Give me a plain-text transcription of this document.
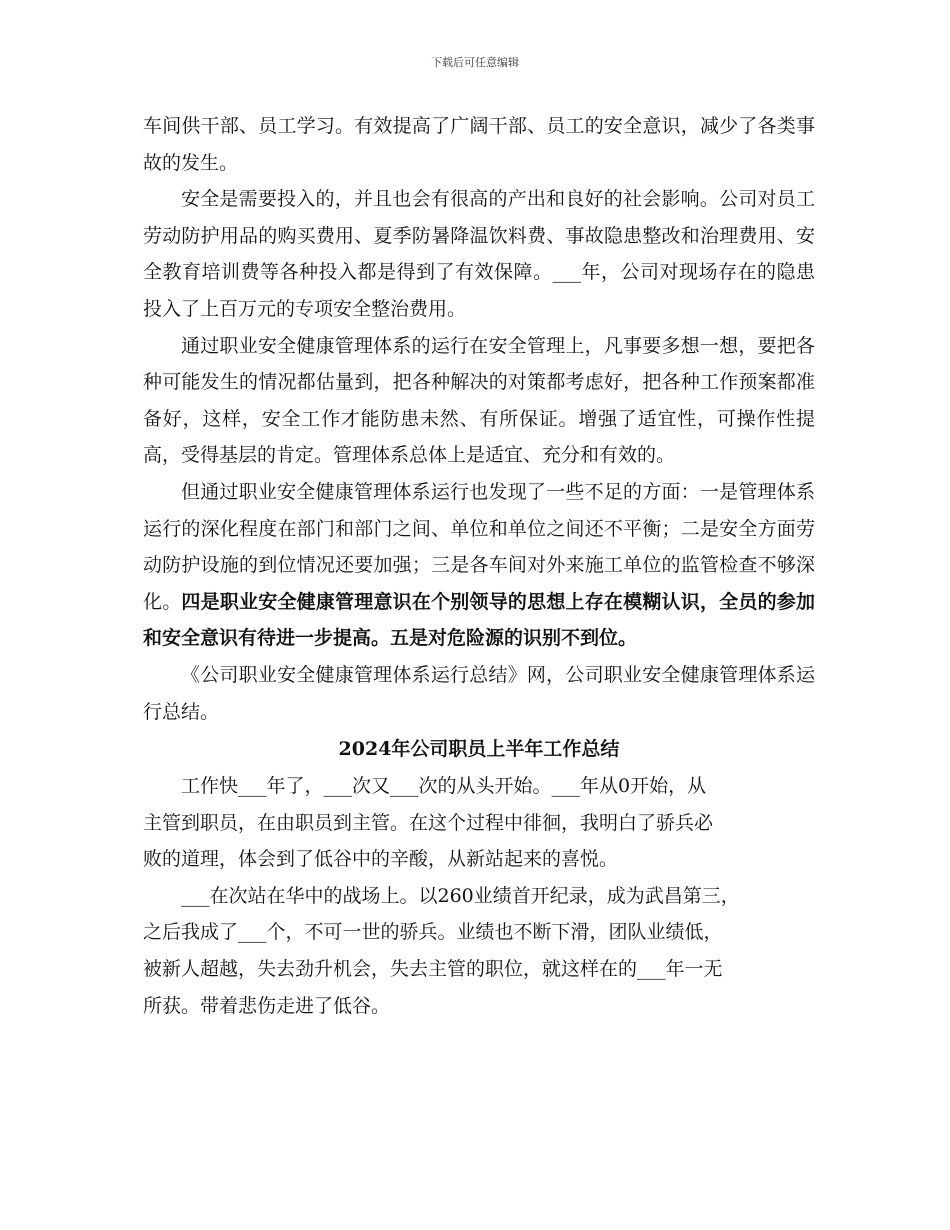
下载后可任意编辑

车间供干部、员工学习。有效提高了广阔干部、员工的安全意识，减少了各类事故的发生。

安全是需要投入的，并且也会有很高的产出和良好的社会影响。公司对员工劳动防护用品的购买费用、夏季防暑降温饮料费、事故隐患整改和治理费用、安全教育培训费等各种投入都是得到了有效保障。___年，公司对现场存在的隐患投入了上百万元的专项安全整治费用。

通过职业安全健康管理体系的运行在安全管理上，凡事要多想一想，要把各种可能发生的情况都估量到，把各种解决的对策都考虑好，把各种工作预案都准备好，这样，安全工作才能防患未然、有所保证。增强了适宜性，可操作性提高，受得基层的肯定。管理体系总体上是适宜、充分和有效的。

但通过职业安全健康管理体系运行也发现了一些不足的方面：一是管理体系运行的深化程度在部门和部门之间、单位和单位之间还不平衡；二是安全方面劳动防护设施的到位情况还要加强；三是各车间对外来施工单位的监管检查不够深化。四是职业安全健康管理意识在个别领导的思想上存在模糊认识，全员的参加和安全意识有待进一步提高。五是对危险源的识别不到位。

《公司职业安全健康管理体系运行总结》网，公司职业安全健康管理体系运行总结。

2024年公司职员上半年工作总结

工作快___年了，___次又___次的从头开始。___年从0开始，从

主管到职员，在由职员到主管。在这个过程中徘徊，我明白了骄兵必

败的道理，体会到了低谷中的辛酸，从新站起来的喜悦。

___在次站在华中的战场上。以260业绩首开纪录，成为武昌第三，

之后我成了___个，不可一世的骄兵。业绩也不断下滑，团队业绩低，

被新人超越，失去劲升机会，失去主管的职位，就这样在的___年一无

所获。带着悲伤走进了低谷。
